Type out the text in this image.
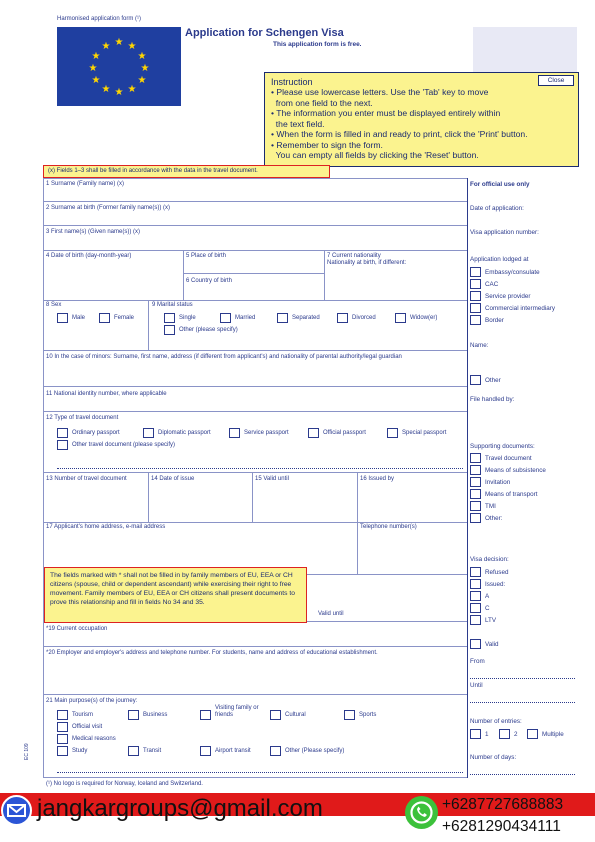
Harmonised application form (¹)
★ ★
★
★
★
★
★
★
★
★
★
★
Application for Schengen Visa
This application form is free.
Instruction
• Please use lowercase letters. Use the 'Tab' key to move
from one field to the next.
• The information you enter must be displayed entirely within
the text field.
• When the form is filled in and ready to print, click the 'Print' button.
• Remember to sign the form.
You can empty all fields by clicking the 'Reset' button.
Close
(x) Fields 1–3 shall be filled in accordance with the data in the travel document.
1 Surname (Family name) (x)
2 Surname at birth (Former family name(s)) (x)
3 First name(s) (Given name(s)) (x)
4 Date of birth (day-month-year)	5 Place of birth
6 Country of birth
7 Current nationality
Nationality at birth, if different:
8 Sex	9 Marital status
Male	Female	Single	Married	Separated	Divorced	Widow(er)
Other (please specify)
10 In the case of minors: Surname, first name, address (if different from applicant's) and nationality of parental authority/legal guardian
11 National identity number, where applicable
12 Type of travel document
Ordinary passport	Diplomatic passport	Service passport	Official passport	Special passport
Other travel document (please specify)
13 Number of travel document	14 Date of issue	15 Valid until	16 Issued by
17 Applicant's home address, e-mail address	Telephone number(s)
The fields marked with * shall not be filled in by family members of EU, EEA or CH citizens (spouse, child or dependent ascendant) while exercising their right to free movement. Family members of EU, EEA or CH citizens shall present documents to prove this relationship and fill in fields No 34 and 35.
Valid until
*19 Current occupation
*20 Employer and employer's address and telephone number. For students, name and address of educational establishment.
21 Main purpose(s) of the journey:
Tourism	Business
Visiting family or
friends	Cultural	Sports
Official visit
Medical reasons
Study	Transit	Airport transit	Other (Please specify)
EC 109
(¹) No logo is required for Norway, Iceland and Switzerland.
For official use only
Date of application:
Visa application number:
Application lodged at
Embassy/consulate
CAC
Service provider
Commercial intermediary
Border
Name:
Other
File handled by:
Supporting documents:
Travel document
Means of subsistence
Invitation
Means of transport
TMI
Other:
Visa decision:
Refused
Issued:
A
C
LTV
Valid
From
Until
Number of entries:
1	2	Multiple
Number of days:
jangkargroups@gmail.com	+6287727688883
+6281290434111
